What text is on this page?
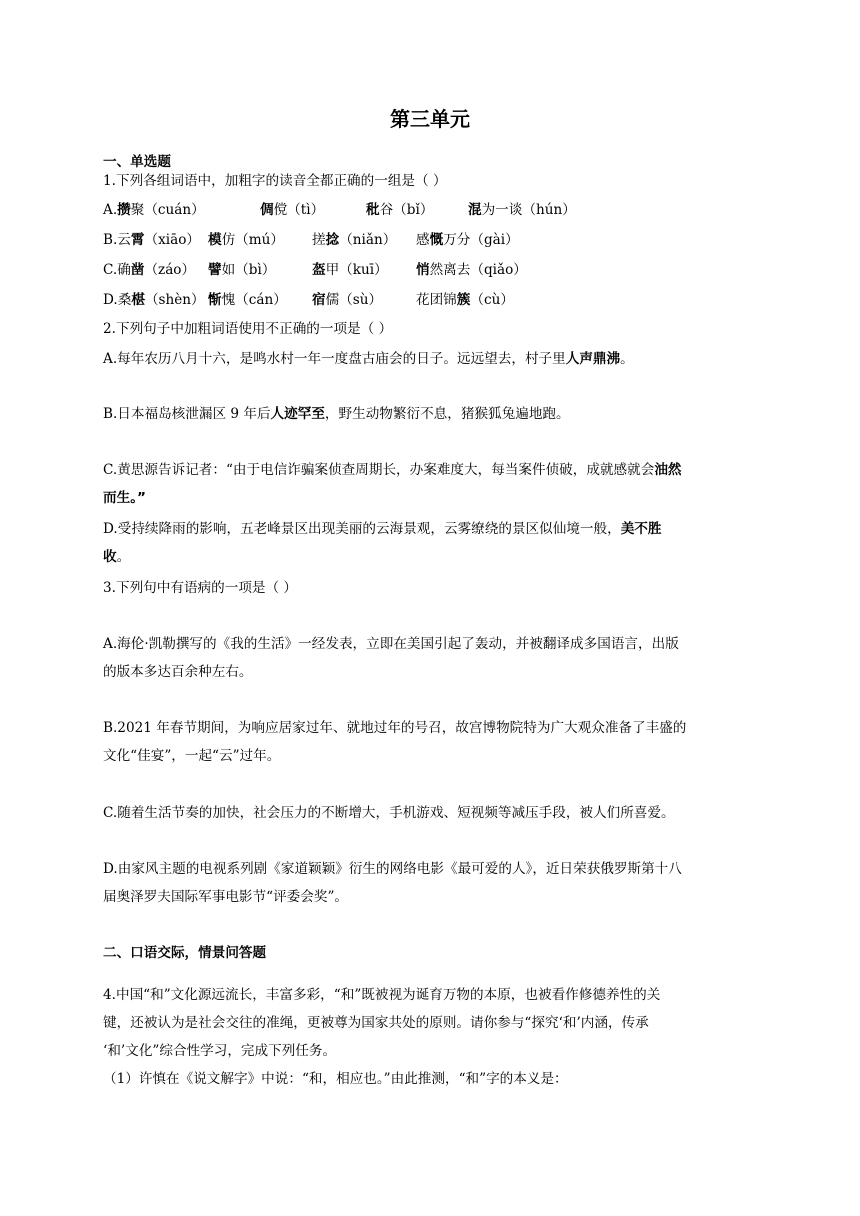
第三单元
一、单选题
1.下列各组词语中，加粗字的读音全都正确的一组是（ ）
A.攒聚（cuán）	倜傥（tì）	秕谷（bǐ）	混为一谈（hún）
B.云霄（xiāo） 模仿（mú） 搓捻（niǎn） 感慨万分（gài）
C.确凿（záo） 譬如（bì）	盔甲（kuī） 悄然离去（qiǎo）
D.桑椹（shèn） 惭愧（cán） 宿儒（sù） 花团锦簇（cù）
2.下列句子中加粗词语使用不正确的一项是（ ）
A.每年农历八月十六，是鸣水村一年一度盘古庙会的日子。远远望去，村子里人声鼎沸。
B.日本福岛核泄漏区 9 年后人迹罕至，野生动物繁衍不息，猪猴狐兔遍地跑。
C.黄思源告诉记者：“由于电信诈骗案侦查周期长，办案难度大，每当案件侦破，成就感就会油然
而生。”
D.受持续降雨的影响，五老峰景区出现美丽的云海景观，云雾缭绕的景区似仙境一般，美不胜
收。
3.下列句中有语病的一项是（ ）
A.海伦·凯勒撰写的《我的生活》一经发表，立即在美国引起了轰动，并被翻译成多国语言，出版
的版本多达百余种左右。
B.2021 年春节期间，为响应居家过年、就地过年的号召，故宫博物院特为广大观众准备了丰盛的
文化“佳宴”，一起“云”过年。
C.随着生活节奏的加快，社会压力的不断增大，手机游戏、短视频等减压手段，被人们所喜爱。
D.由家风主题的电视系列剧《家道颖颖》衍生的网络电影《最可爱的人》，近日荣获俄罗斯第十八
届奥泽罗夫国际军事电影节“评委会奖”。
二、口语交际，情景问答题
4.中国“和”文化源远流长，丰富多彩，“和”既被视为诞育万物的本原，也被看作修德养性的关
键，还被认为是社会交往的准绳，更被尊为国家共处的原则。请你参与“探究‘和’内涵，传承
‘和’文化”综合性学习，完成下列任务。
（1）许慎在《说文解字》中说：“和，相应也。”由此推测，“和”字的本义是：
